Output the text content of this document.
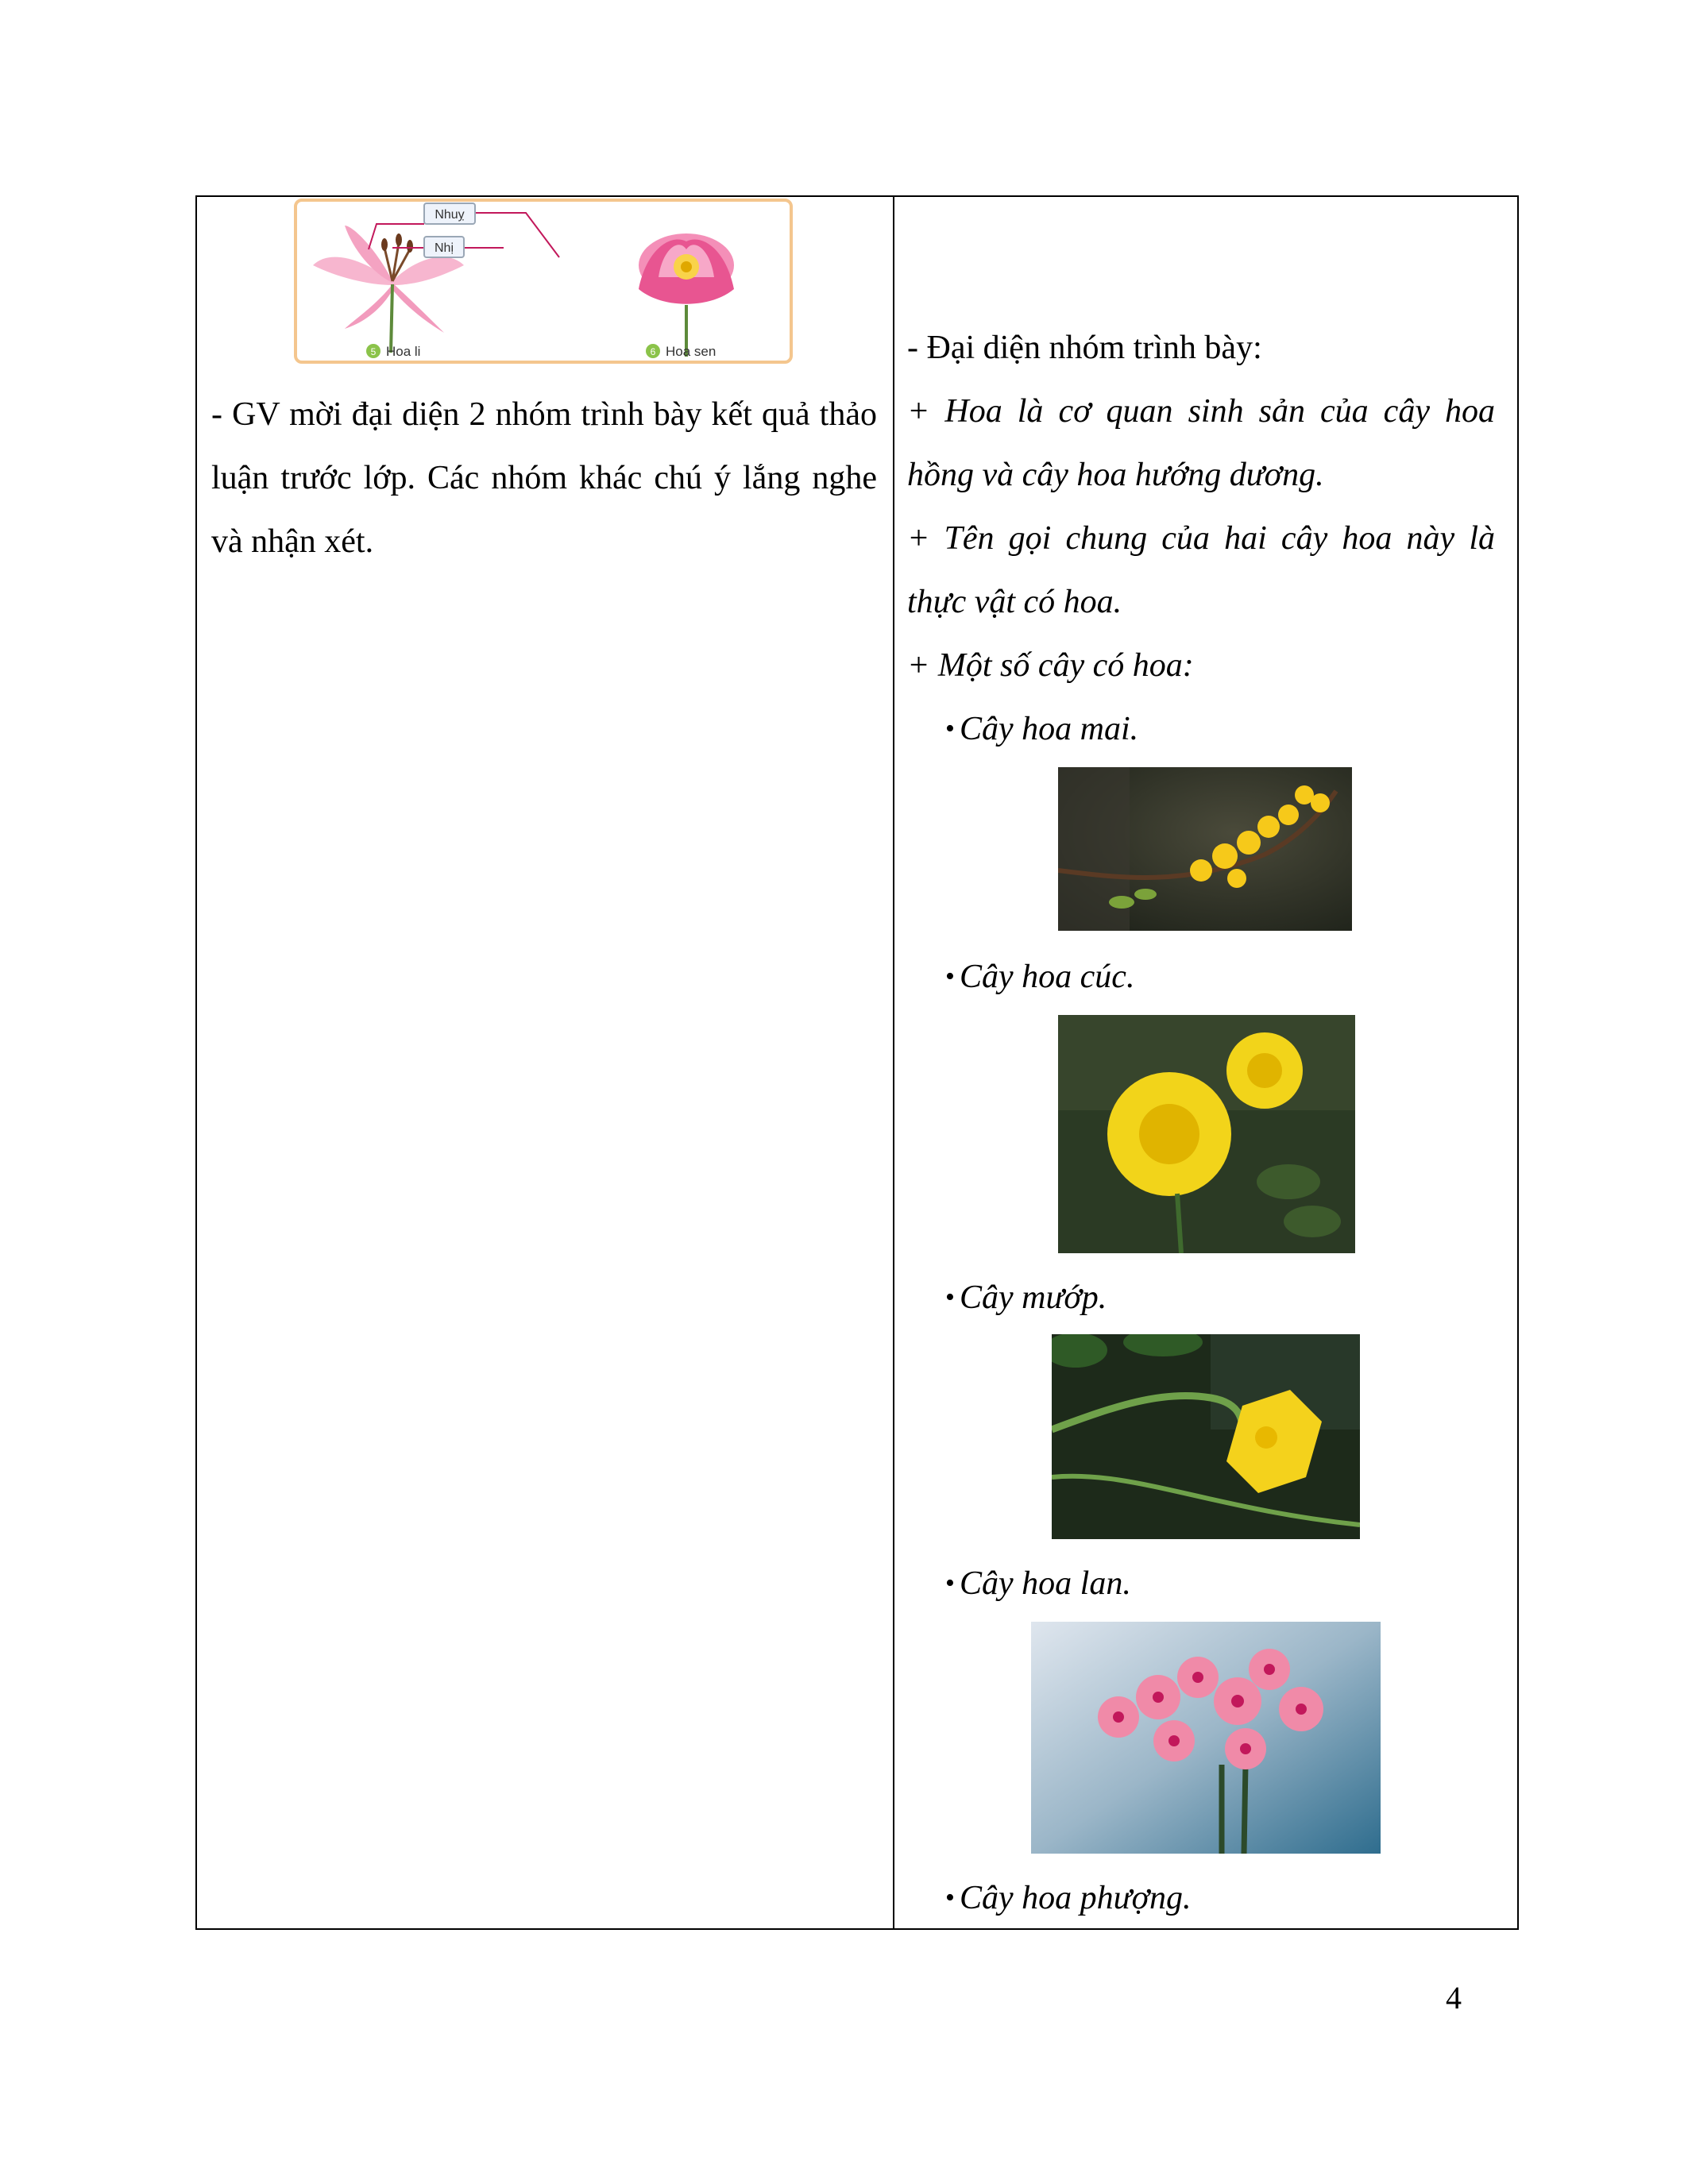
Nhuỵ
Nhị
5 Hoa li	6 Hoa sen
- GV mời đại diện 2 nhóm trình bày kết quả thảo luận trước lớp. Các nhóm khác chú ý lắng nghe và nhận xét.
- Đại diện nhóm trình bày:
+ Hoa là cơ quan sinh sản của cây hoa hồng và cây hoa hướng dương.
+ Tên gọi chung của hai cây hoa này là thực vật có hoa.
+ Một số cây có hoa:
• Cây hoa mai.
• Cây hoa cúc.
• Cây mướp.
• Cây hoa lan.
• Cây hoa phượng.
4
